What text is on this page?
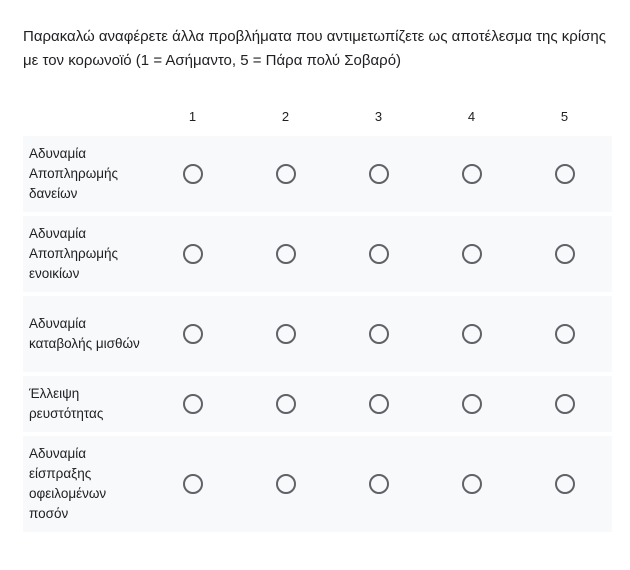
Παρακαλώ αναφέρετε άλλα προβλήματα που αντιμετωπίζετε ως αποτέλεσμα της κρίσης με τον κορωνοϊό (1 = Ασήμαντο, 5 = Πάρα πολύ Σοβαρό)
1	2	3	4	5
Αδυναμία Αποπληρωμής δανείων
Αδυναμία Αποπληρωμής ενοικίων
Αδυναμία καταβολής μισθών
Έλλειψη ρευστότητας
Αδυναμία είσπραξης οφειλομένων ποσόν
